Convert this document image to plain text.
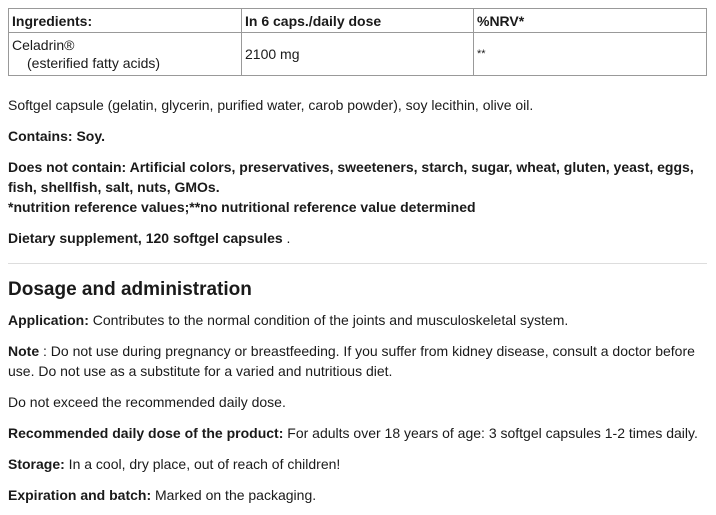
Ingredients:	In 6 caps./daily dose	%NRV*
Celadrin®
(esterified fatty acids)	2100 mg	**

Softgel capsule (gelatin, glycerin, purified water, carob powder), soy lecithin, olive oil.

Contains: Soy.

Does not contain: Artificial colors, preservatives, sweeteners, starch, sugar, wheat, gluten, yeast, eggs, fish, shellfish, salt, nuts, GMOs.

*nutrition reference values;**no nutritional reference value determined

Dietary supplement, 120 softgel capsules .

Dosage and administration

Application: Contributes to the normal condition of the joints and musculoskeletal system.

Note : Do not use during pregnancy or breastfeeding. If you suffer from kidney disease, consult a doctor before use. Do not use as a substitute for a varied and nutritious diet.

Do not exceed the recommended daily dose.

Recommended daily dose of the product: For adults over 18 years of age: 3 softgel capsules 1-2 times daily.

Storage: In a cool, dry place, out of reach of children!

Expiration and batch: Marked on the packaging.
